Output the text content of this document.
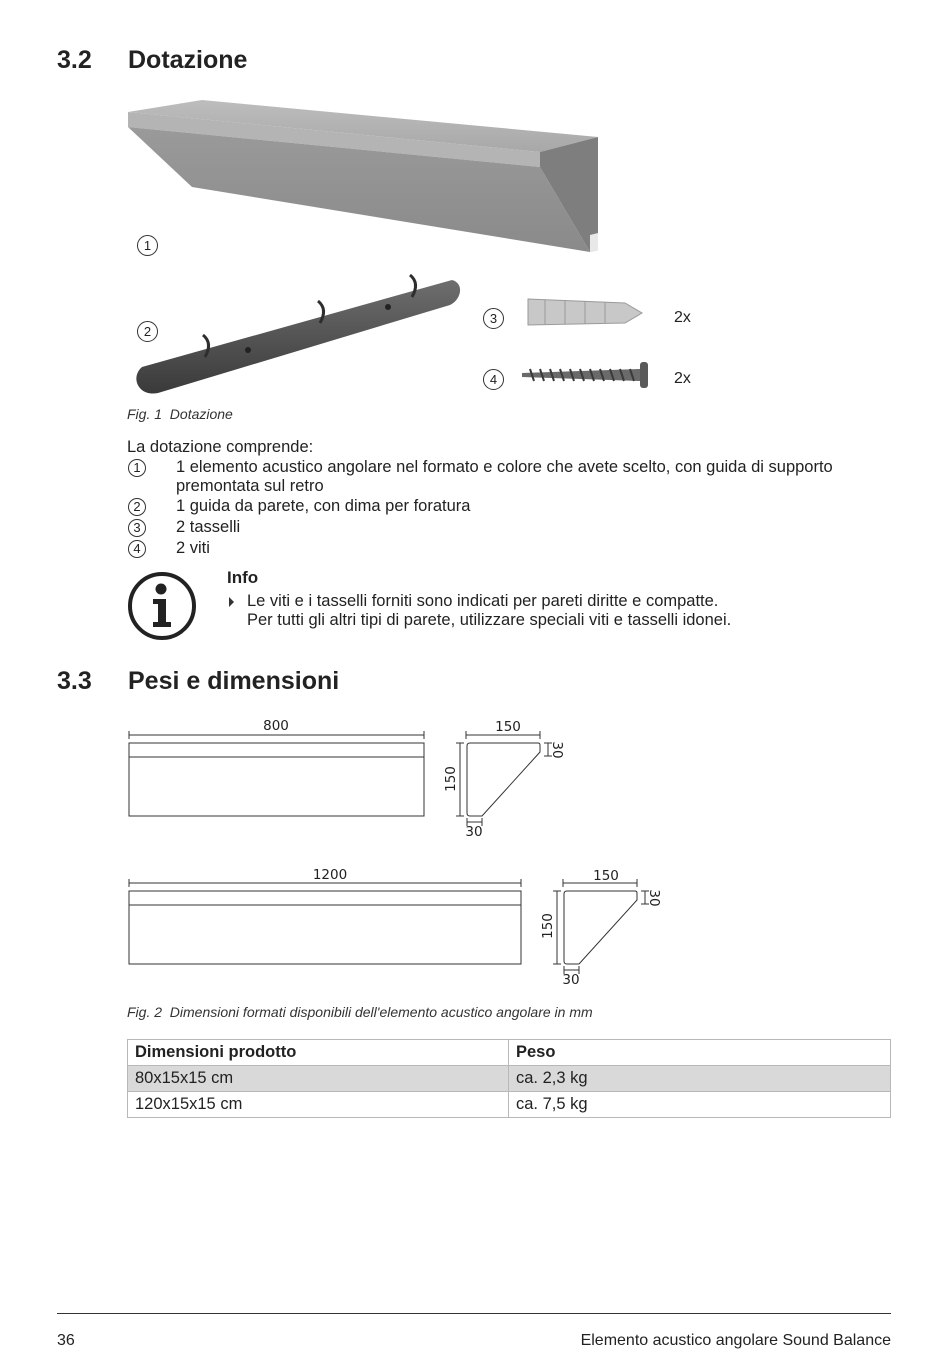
3.2 Dotazione
1
2
3
4
2x
2x
Fig. 1  Dotazione
La dotazione comprende:
1	1 elemento acustico angolare nel formato e colore che avete scelto, con guida di supporto premontata sul retro
2	1 guida da parete, con dima per foratura
3	2 tasselli
4	2 viti
Info
Le viti e i tasselli forniti sono indicati per pareti diritte e compatte.
Per tutti gli altri tipi di parete, utilizzare speciali viti e tasselli idonei.
3.3 Pesi e dimensioni
800	150
150
30
30
1200	150
150
30
30
Fig. 2  Dimensioni formati disponibili dell'elemento acustico angolare in mm
Dimensioni prodotto	Peso
80x15x15 cm	ca. 2,3 kg
120x15x15 cm	ca. 7,5 kg
36	Elemento acustico angolare Sound Balance
